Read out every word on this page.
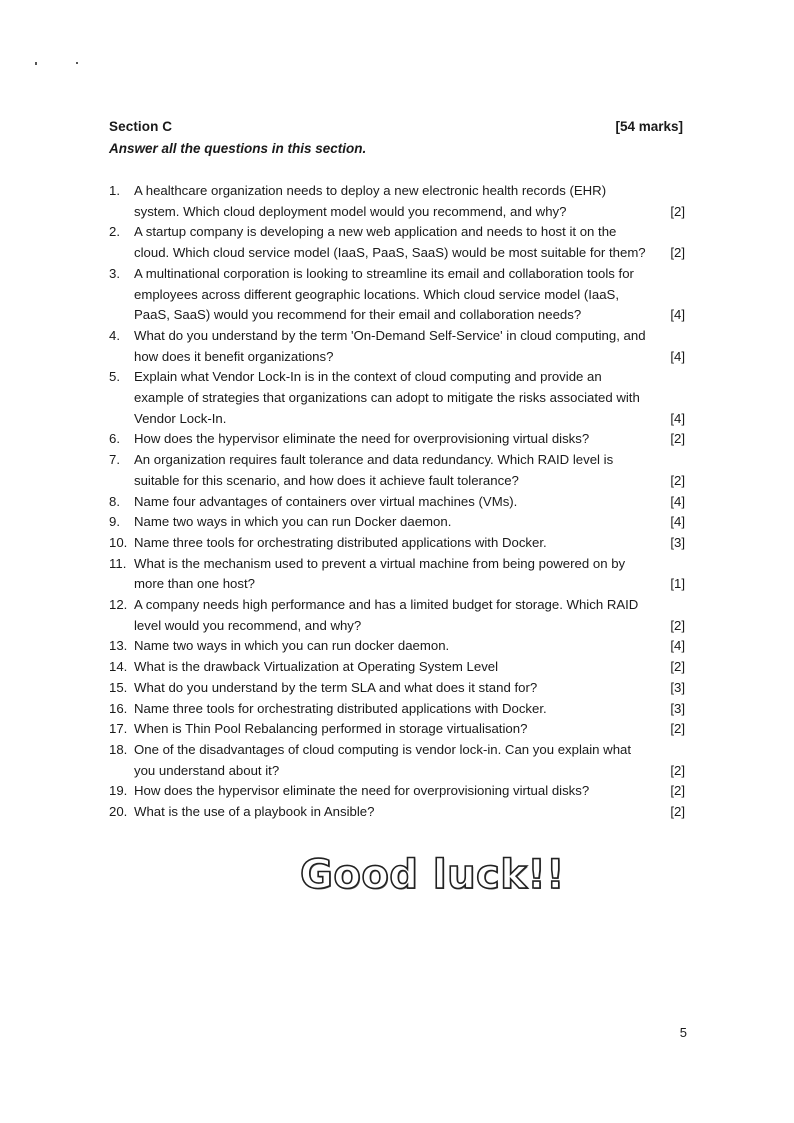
Section C	[54 marks]
Answer all the questions in this section.
1. A healthcare organization needs to deploy a new electronic health records (EHR) system. Which cloud deployment model would you recommend, and why?	[2]
2. A startup company is developing a new web application and needs to host it on the cloud. Which cloud service model (IaaS, PaaS, SaaS) would be most suitable for them?	[2]
3. A multinational corporation is looking to streamline its email and collaboration tools for employees across different geographic locations. Which cloud service model (IaaS, PaaS, SaaS) would you recommend for their email and collaboration needs?	[4]
4. What do you understand by the term 'On-Demand Self-Service' in cloud computing, and how does it benefit organizations?	[4]
5. Explain what Vendor Lock-In is in the context of cloud computing and provide an example of strategies that organizations can adopt to mitigate the risks associated with Vendor Lock-In.	[4]
6. How does the hypervisor eliminate the need for overprovisioning virtual disks?	[2]
7. An organization requires fault tolerance and data redundancy. Which RAID level is suitable for this scenario, and how does it achieve fault tolerance?	[2]
8. Name four advantages of containers over virtual machines (VMs).	[4]
9. Name two ways in which you can run Docker daemon.	[4]
10. Name three tools for orchestrating distributed applications with Docker.	[3]
11. What is the mechanism used to prevent a virtual machine from being powered on by more than one host?	[1]
12. A company needs high performance and has a limited budget for storage. Which RAID level would you recommend, and why?	[2]
13. Name two ways in which you can run docker daemon.	[4]
14. What is the drawback Virtualization at Operating System Level	[2]
15. What do you understand by the term SLA and what does it stand for?	[3]
16. Name three tools for orchestrating distributed applications with Docker.	[3]
17. When is Thin Pool Rebalancing performed in storage virtualisation?	[2]
18. One of the disadvantages of cloud computing is vendor lock-in. Can you explain what you understand about it?	[2]
19. How does the hypervisor eliminate the need for overprovisioning virtual disks?	[2]
20. What is the use of a playbook in Ansible?	[2]
Good luck!!
5
